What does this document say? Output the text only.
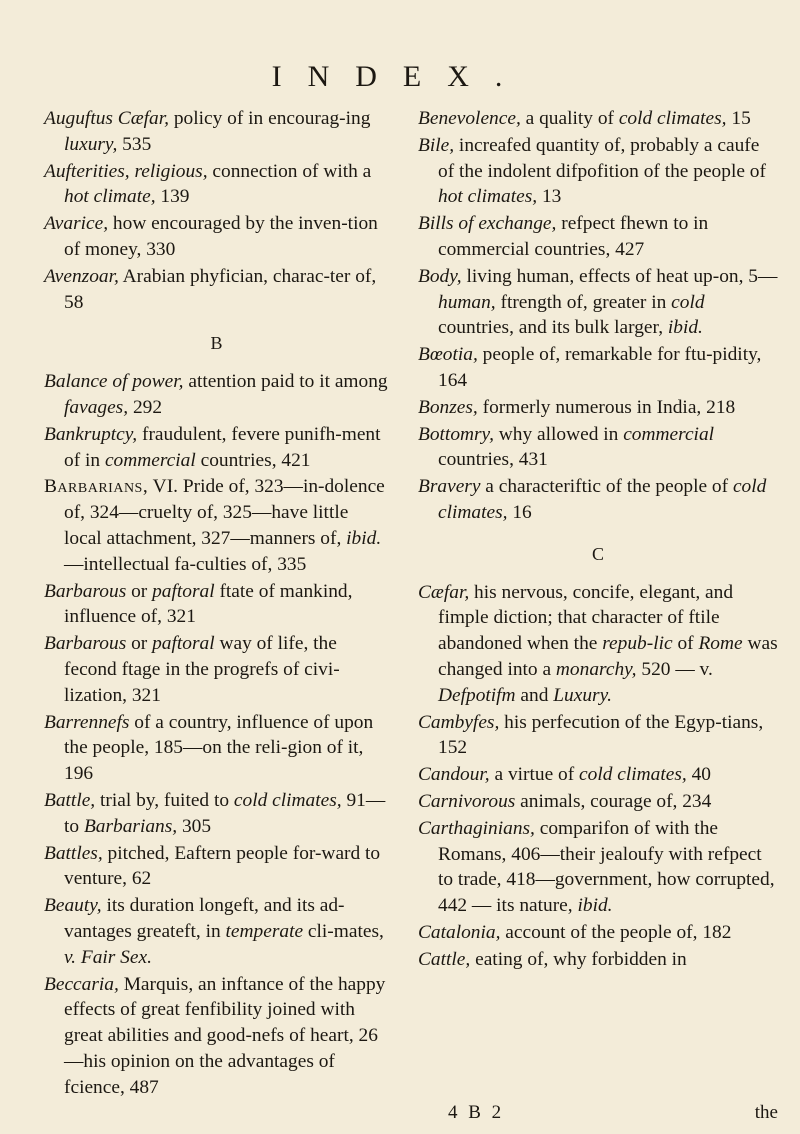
INDEX.

Auguftus Cæfar, policy of in encourag-ing luxury, 535

Aufterities, religious, connection of with a hot climate, 139

Avarice, how encouraged by the inven-tion of money, 330

Avenzoar, Arabian phyfician, charac-ter of, 58

B

Balance of power, attention paid to it among favages, 292

Bankruptcy, fraudulent, fevere punifh-ment of in commercial countries, 421

Barbarians, VI. Pride of, 323—in-dolence of, 324—cruelty of, 325—have little local attachment, 327—manners of, ibid.—intellectual fa-culties of, 335

Barbarous or paftoral ftate of mankind, influence of, 321

Barbarous or paftoral way of life, the fecond ftage in the progrefs of civi-lization, 321

Barrennefs of a country, influence of upon the people, 185—on the reli-gion of it, 196

Battle, trial by, fuited to cold climates, 91—to Barbarians, 305

Battles, pitched, Eaftern people for-ward to venture, 62

Beauty, its duration longeft, and its ad-vantages greateft, in temperate cli-mates, v. Fair Sex.

Beccaria, Marquis, an inftance of the happy effects of great fenfibility joined with great abilities and good-nefs of heart, 26—his opinion on the advantages of fcience, 487

Benevolence, a quality of cold climates, 15

Bile, increafed quantity of, probably a caufe of the indolent difpofition of the people of hot climates, 13

Bills of exchange, refpect fhewn to in commercial countries, 427

Body, living human, effects of heat up-on, 5—human, ftrength of, greater in cold countries, and its bulk larger, ibid.

Bœotia, people of, remarkable for ftu-pidity, 164

Bonzes, formerly numerous in India, 218

Bottomry, why allowed in commercial countries, 431

Bravery a characteriftic of the people of cold climates, 16

C

Cæfar, his nervous, concife, elegant, and fimple diction; that character of ftile abandoned when the repub-lic of Rome was changed into a monarchy, 520 — v. Defpotifm and Luxury.

Cambyfes, his perfecution of the Egyp-tians, 152

Candour, a virtue of cold climates, 40

Carnivorous animals, courage of, 234

Carthaginians, comparifon of with the Romans, 406—their jealoufy with refpect to trade, 418—government, how corrupted, 442 — its nature, ibid.

Catalonia, account of the people of, 182

Cattle, eating of, why forbidden in

4 B 2	the
